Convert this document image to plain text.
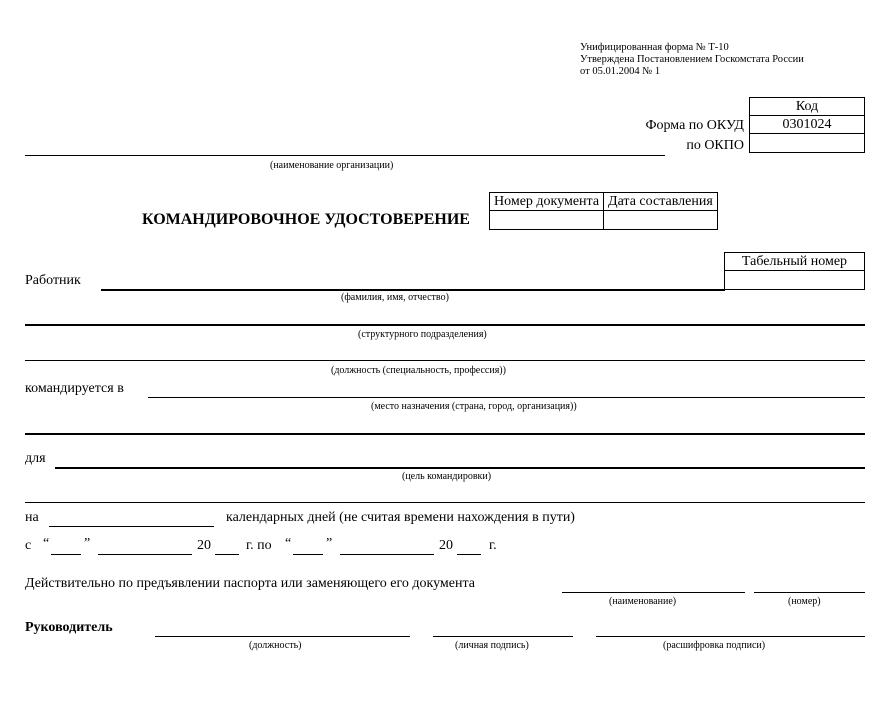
Унифицированная форма № Т-10
Утверждена Постановлением Госкомстата России
от 05.01.2004 № 1
Код
0301024

Форма по ОКУД
по ОКПО
(наименование организации)
Номер документа	Дата составления

КОМАНДИРОВОЧНОЕ УДОСТОВЕРЕНИЕ
Табельный номер

Работник
(фамилия, имя, отчество)
(структурного подразделения)
(должность (специальность, профессия))
командируется в
(место назначения (страна, город, организация))
для
(цель командировки)
на	календарных дней (не считая времени нахождения в пути)
с “ ”	20	г. по “ ”	20	г.
Действительно по предъявлении паспорта или заменяющего его документа
(наименование)	(номер)
Руководитель
(должность)	(личная подпись)	(расшифровка подписи)
